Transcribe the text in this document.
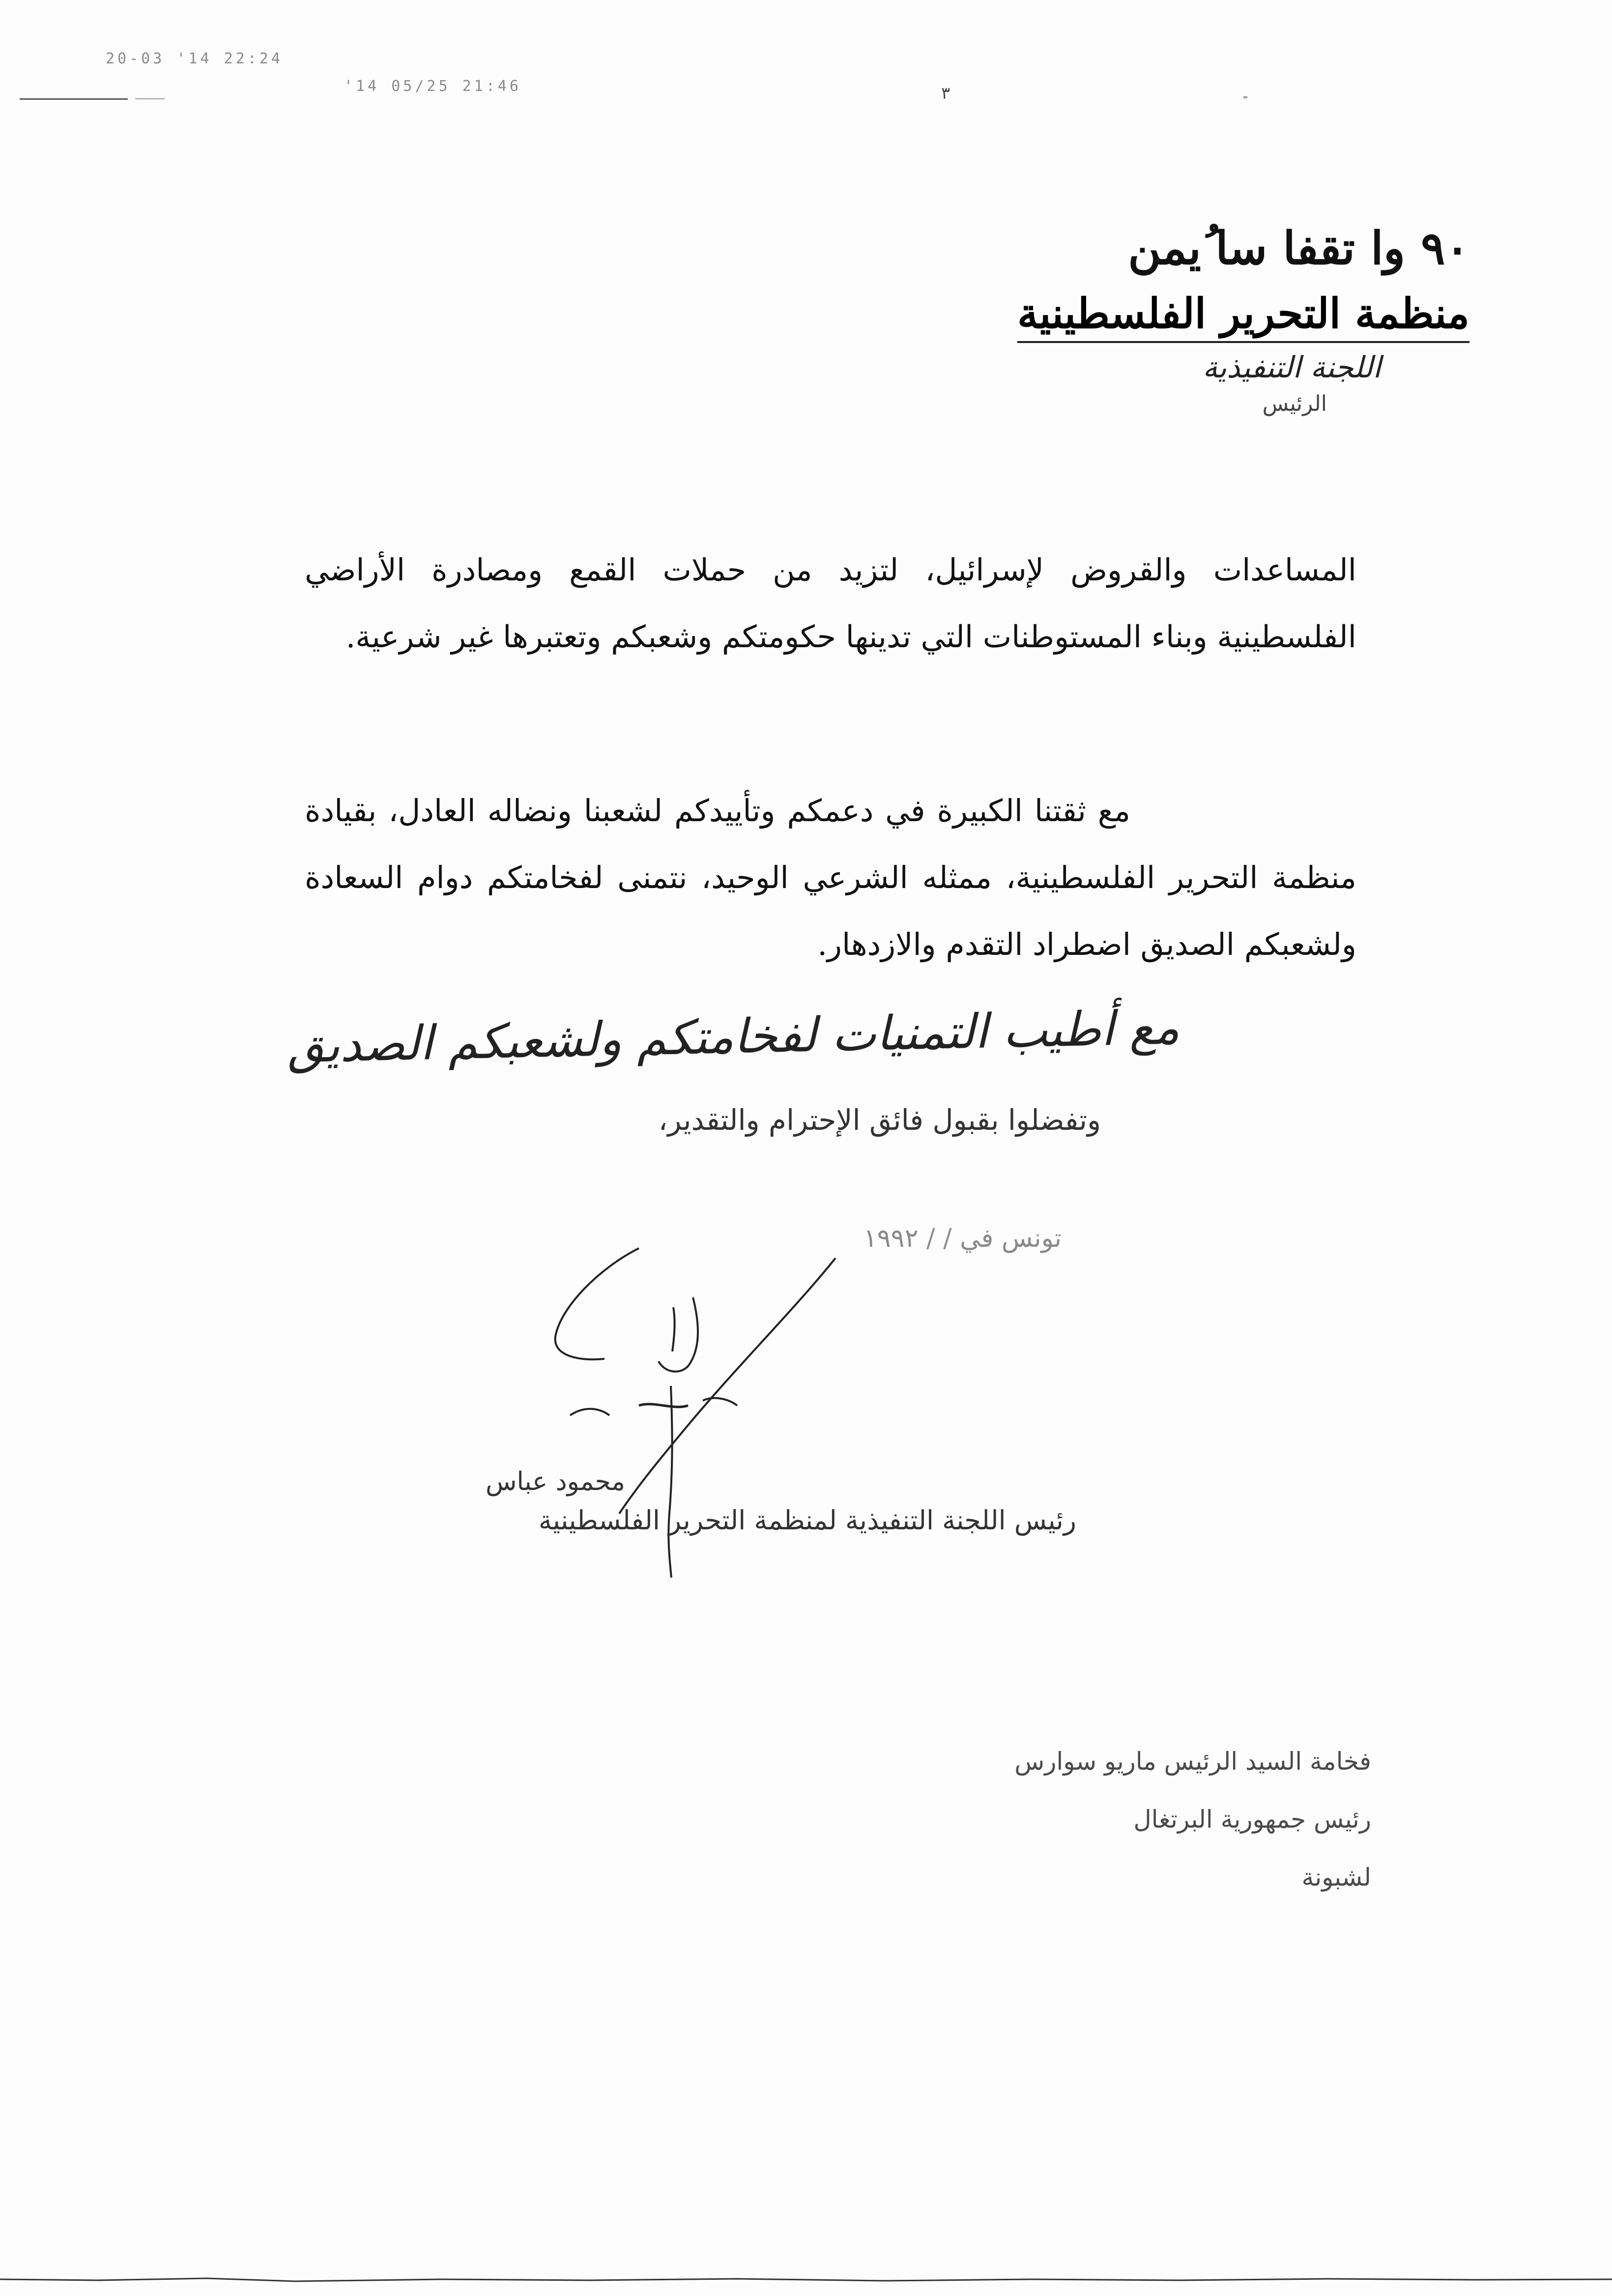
20-03 '14 22:24
'14 05/25 21:46	٣
٩٠ وا تقفا سا ُيمن
منظمة التحرير الفلسطينية
اللجنة التنفيذية
الرئيس

المساعدات والقروض لإسرائيل، لتزيد من حملات القمع ومصادرة الأراضي الفلسطينية وبناء المستوطنات التي تدينها حكومتكم وشعبكم وتعتبرها غير شرعية.

مع ثقتنا الكبيرة في دعمكم وتأييدكم لشعبنا ونضاله العادل، بقيادة منظمة التحرير الفلسطينية، ممثله الشرعي الوحيد، نتمنى لفخامتكم دوام السعادة ولشعبكم الصديق اضطراد التقدم والازدهار.

مع أطيب التمنيات لفخامتكم ولشعبكم الصديق
وتفضلوا بقبول فائق الإحترام والتقدير،
تونس في / / ١٩٩٢
محمود عباس
رئيس اللجنة التنفيذية لمنظمة التحرير الفلسطينية
فخامة السيد الرئيس ماريو سوارس
رئيس جمهورية البرتغال
لشبونة
